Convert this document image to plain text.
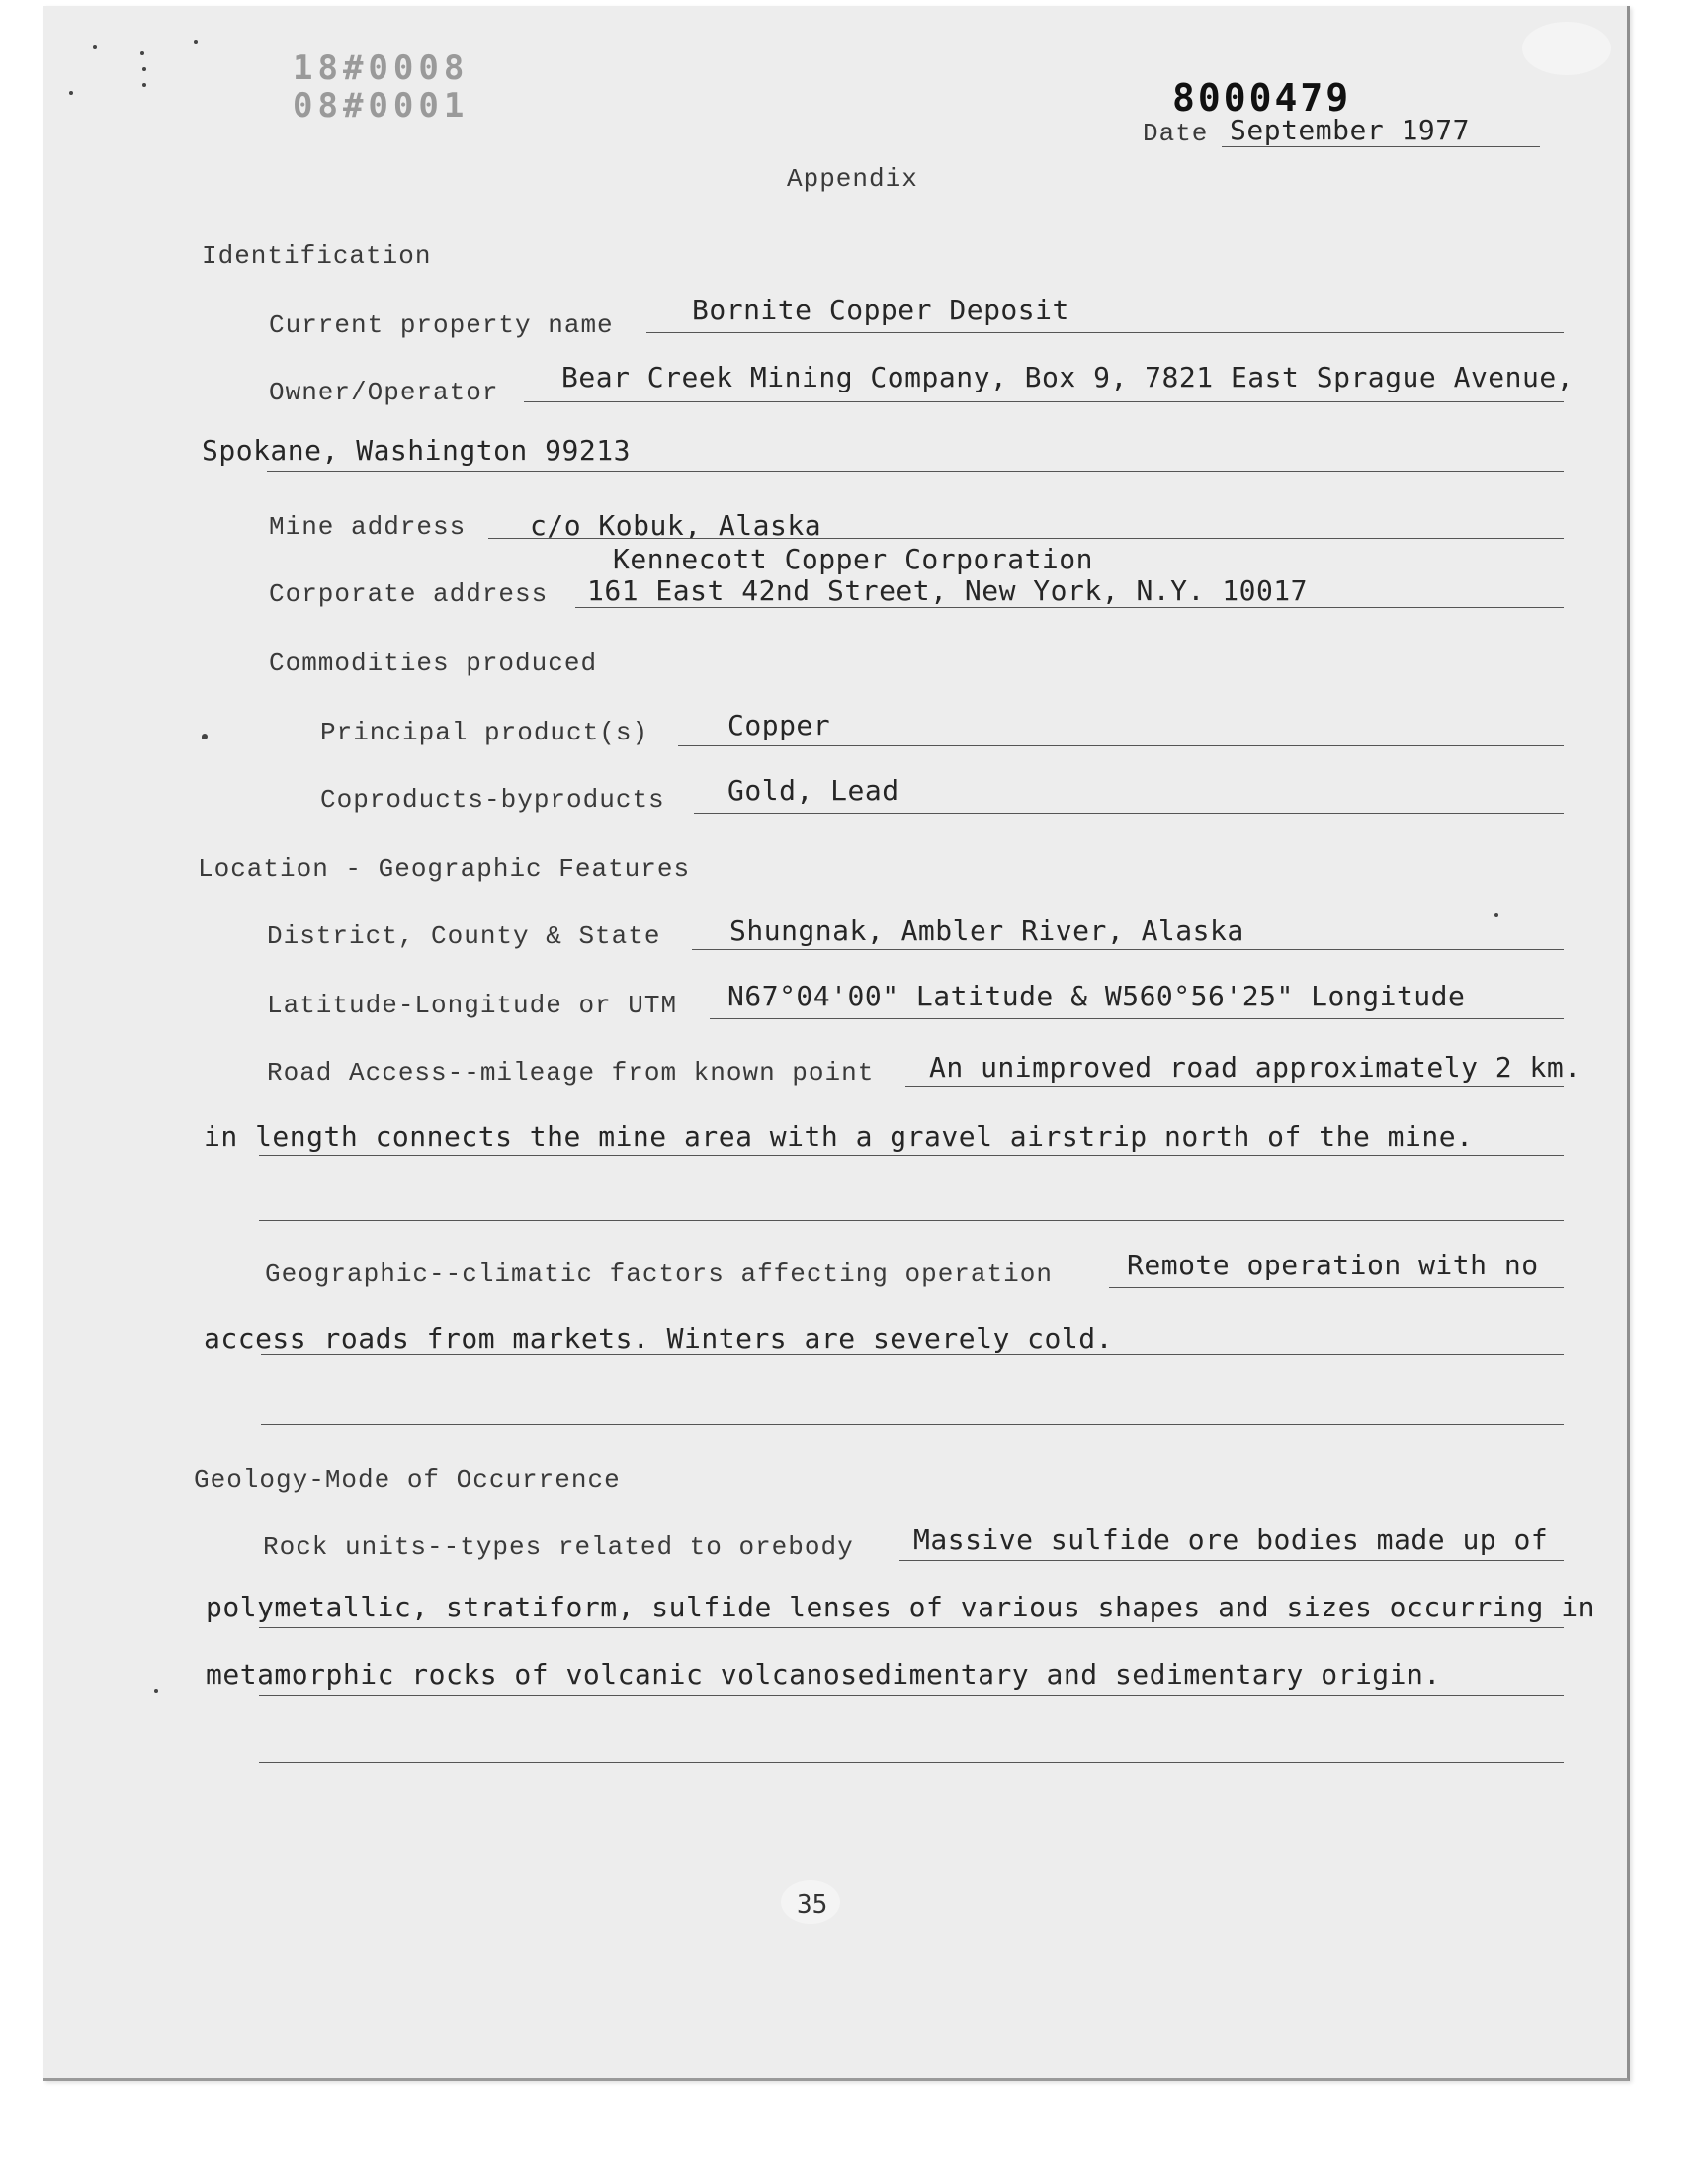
18#0008
08#0001	8000479
Date September 1977
Appendix
Identification
Current property name	Bornite Copper Deposit
Owner/Operator Bear Creek Mining Company, Box 9, 7821 East Sprague Avenue,
Spokane, Washington 99213
Mine address c/o Kobuk, Alaska
Kennecott Copper Corporation
Corporate address 161 East 42nd Street, New York, N.Y. 10017
Commodities produced
Principal product(s)	Copper
Coproducts-byproducts Gold, Lead
Location - Geographic Features
District, County & State Shungnak, Ambler River, Alaska
Latitude-Longitude or UTM N67°04'00" Latitude & W560°56'25" Longitude
Road Access--mileage from known point An unimproved road approximately 2 km.
in length connects the mine area with a gravel airstrip north of the mine.
Geographic--climatic factors affecting operation	Remote operation with no
access roads from markets. Winters are severely cold.
Geology-Mode of Occurrence
Rock units--types related to orebody Massive sulfide ore bodies made up of
polymetallic, stratiform, sulfide lenses of various shapes and sizes occurring in
metamorphic rocks of volcanic volcanosedimentary and sedimentary origin.
35
